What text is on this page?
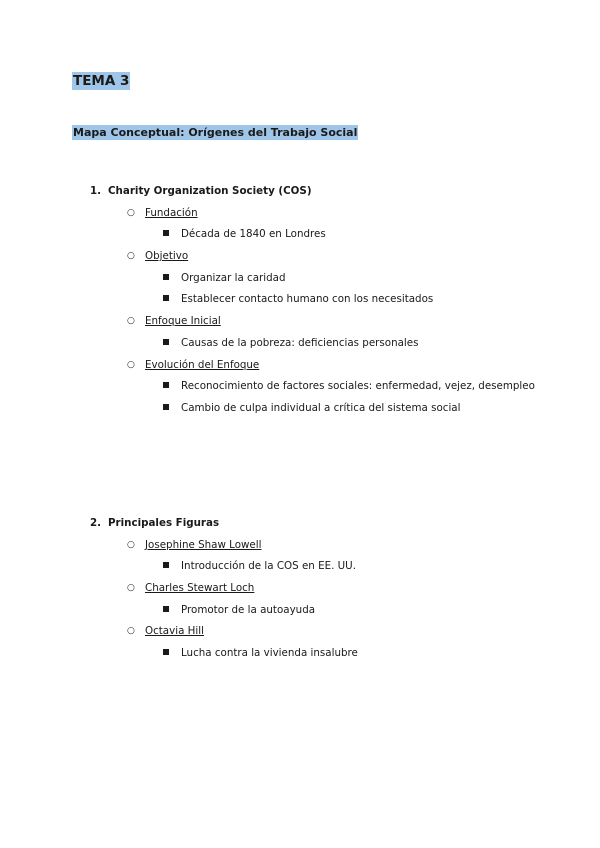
TEMA 3
Mapa Conceptual: Orígenes del Trabajo Social
1. Charity Organization Society (COS)
○ Fundación
Década de 1840 en Londres
○ Objetivo
Organizar la caridad
Establecer contacto humano con los necesitados
○ Enfoque Inicial
Causas de la pobreza: deficiencias personales
○ Evolución del Enfoque
Reconocimiento de factores sociales: enfermedad, vejez, desempleo
Cambio de culpa individual a crítica del sistema social
2. Principales Figuras
○ Josephine Shaw Lowell
Introducción de la COS en EE. UU.
○ Charles Stewart Loch
Promotor de la autoayuda
○ Octavia Hill
Lucha contra la vivienda insalubre
